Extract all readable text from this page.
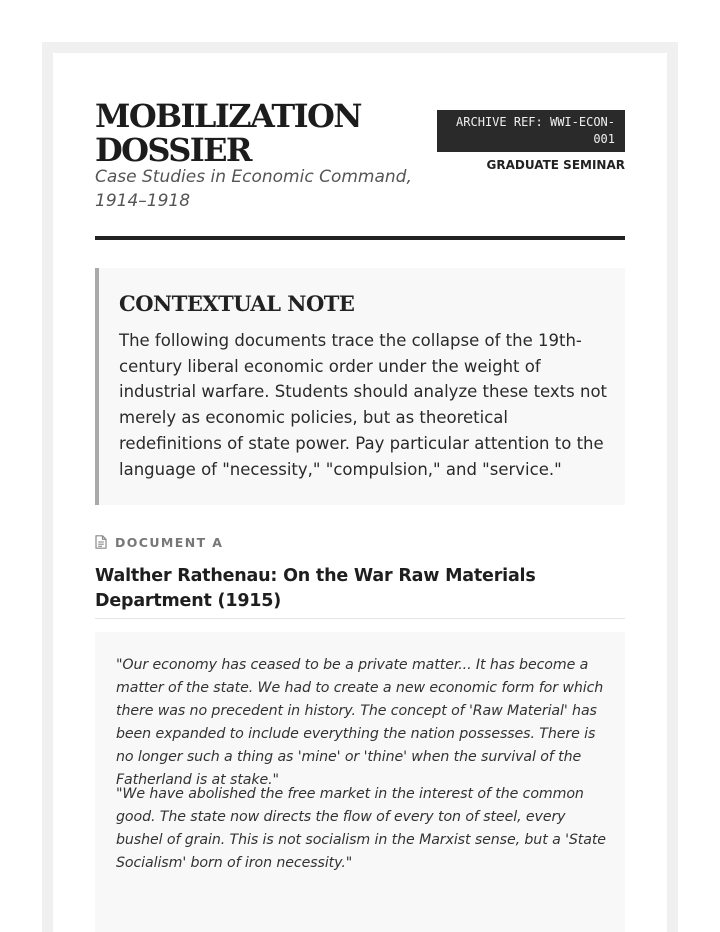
MOBILIZATION
DOSSIER
Case Studies in Economic Command, 1914–1918
ARCHIVE REF: WWI-ECON-001
GRADUATE SEMINAR
CONTEXTUAL NOTE

The following documents trace the collapse of the 19th-century liberal economic order under the weight of industrial warfare. Students should analyze these texts not merely as economic policies, but as theoretical redefinitions of state power. Pay particular attention to the language of "necessity," "compulsion," and "service."

DOCUMENT A
Walther Rathenau: On the War Raw Materials Department (1915)

"Our economy has ceased to be a private matter... It has become a matter of the state. We had to create a new economic form for which there was no precedent in history. The concept of 'Raw Material' has been expanded to include everything the nation possesses. There is no longer such a thing as 'mine' or 'thine' when the survival of the Fatherland is at stake."

"We have abolished the free market in the interest of the common good. The state now directs the flow of every ton of steel, every bushel of grain. This is not socialism in the Marxist sense, but a 'State Socialism' born of iron necessity."
